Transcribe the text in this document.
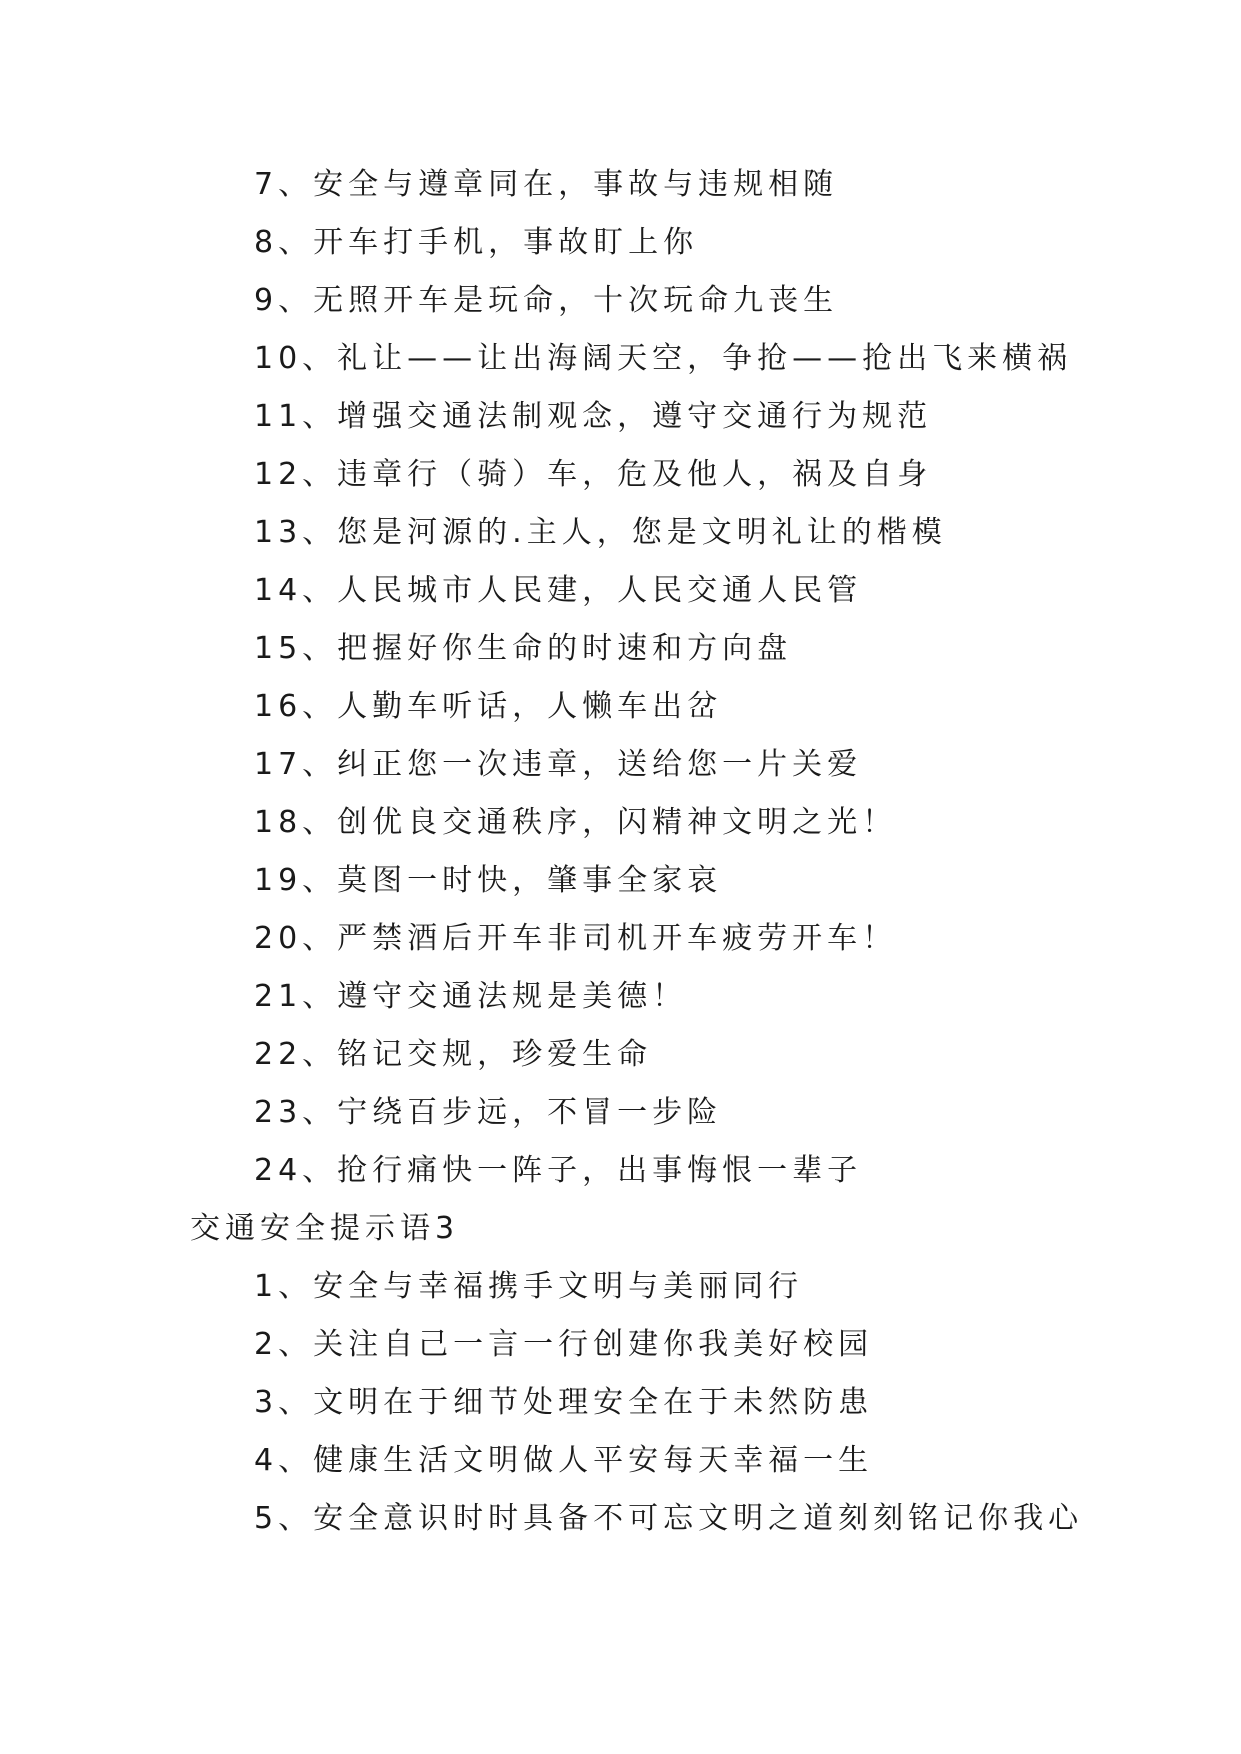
7、安全与遵章同在，事故与违规相随
8、开车打手机，事故盯上你
9、无照开车是玩命，十次玩命九丧生
10、礼让——让出海阔天空，争抢——抢出飞来横祸
11、增强交通法制观念，遵守交通行为规范
12、违章行（骑）车，危及他人，祸及自身
13、您是河源的.主人，您是文明礼让的楷模
14、人民城市人民建，人民交通人民管
15、把握好你生命的时速和方向盘
16、人勤车听话，人懒车出岔
17、纠正您一次违章，送给您一片关爱
18、创优良交通秩序，闪精神文明之光！
19、莫图一时快，肇事全家哀
20、严禁酒后开车非司机开车疲劳开车！
21、遵守交通法规是美德！
22、铭记交规，珍爱生命
23、宁绕百步远，不冒一步险
24、抢行痛快一阵子，出事悔恨一辈子
交通安全提示语3
1、安全与幸福携手文明与美丽同行
2、关注自己一言一行创建你我美好校园
3、文明在于细节处理安全在于未然防患
4、健康生活文明做人平安每天幸福一生
5、安全意识时时具备不可忘文明之道刻刻铭记你我心
